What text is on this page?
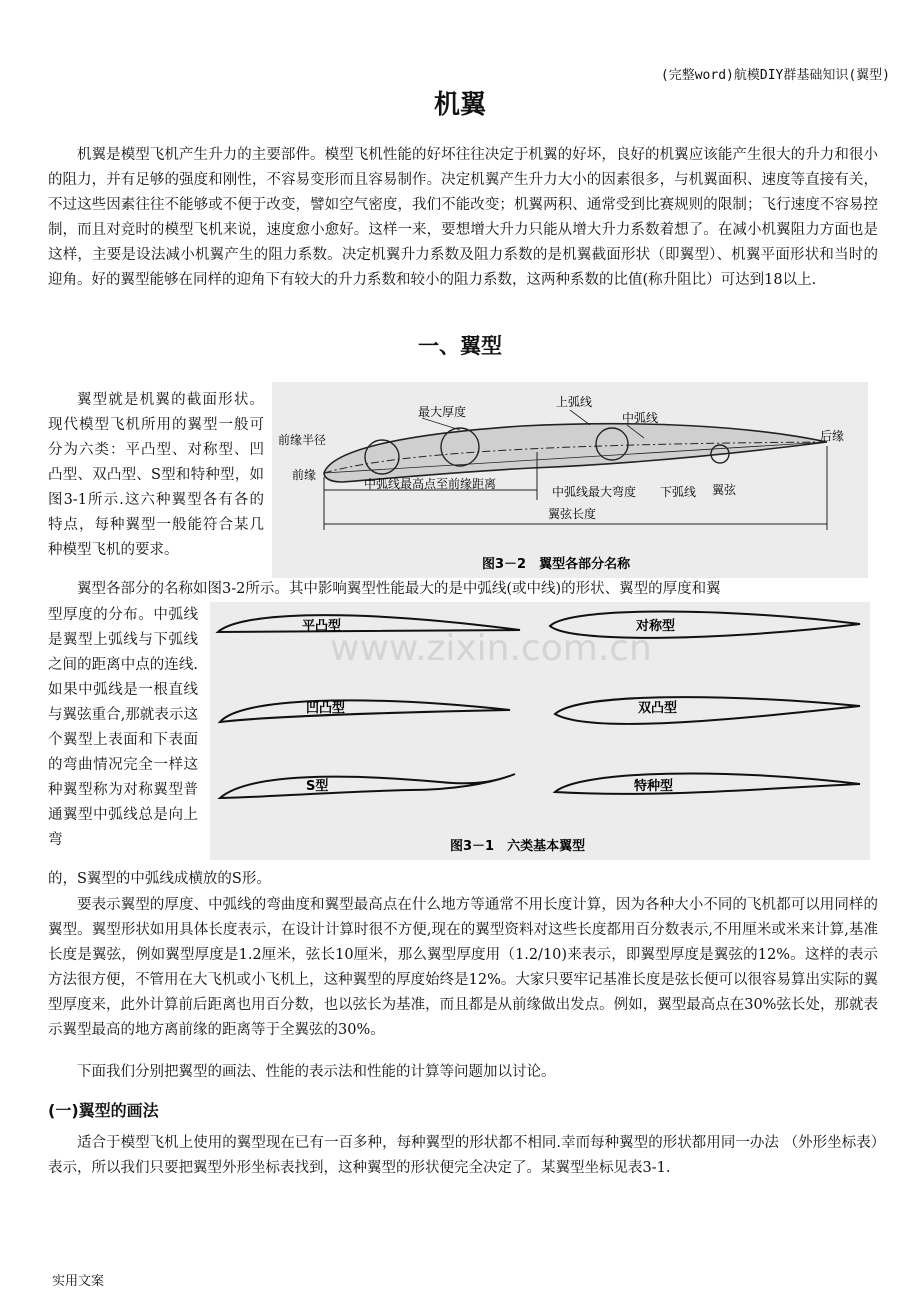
(完整word)航模DIY群基础知识(翼型)
机翼
机翼是模型飞机产生升力的主要部件。模型飞机性能的好坏往往决定于机翼的好坏，良好的机翼应该能产生很大的升力和很小的阻力，并有足够的强度和刚性，不容易变形而且容易制作。决定机翼产生升力大小的因素很多，与机翼面积、速度等直接有关，不过这些因素往往不能够或不便于改变，譬如空气密度，我们不能改变；机翼两积、通常受到比赛规则的限制；飞行速度不容易控制，而且对竞时的模型飞机来说，速度愈小愈好。这样一来，要想增大升力只能从增大升力系数着想了。在减小机翼阻力方面也是这样，主要是设法减小机翼产生的阻力系数。决定机翼升力系数及阻力系数的是机翼截面形状（即翼型）、机翼平面形状和当时的迎角。好的翼型能够在同样的迎角下有较大的升力系数和较小的阻力系数，这两种系数的比值(称升阻比）可达到18以上.
一、翼型
翼型就是机翼的截面形状。现代模型飞机所用的翼型一般可分为六类：平凸型、对称型、凹凸型、双凸型、S型和特种型，如图3-1所示.这六种翼型各有各的特点，每种翼型一般能符合某几种模型飞机的要求。
最大厚度
上弧线
中弧线
前缘半径	后缘
前缘
中弧线最高点至前缘距离
中弧线最大弯度 下弧线 翼弦
翼弦长度
图3－2　翼型各部分名称
翼型各部分的名称如图3-2所示。其中影响翼型性能最大的是中弧线(或中线)的形状、翼型的厚度和翼
型厚度的分布。中弧线是翼型上弧线与下弧线之间的距离中点的连线.如果中弧线是一根直线与翼弦重合,那就表示这个翼型上表面和下表面的弯曲情况完全一样这种翼型称为对称翼型普通翼型中弧线总是向上弯
的，S翼型的中弧线成横放的S形。
www.zixin.com.cn
平凸型	对称型
凹凸型	双凸型
S型	特种型
图3－1　六类基本翼型
要表示翼型的厚度、中弧线的弯曲度和翼型最高点在什么地方等通常不用长度计算，因为各种大小不同的飞机都可以用同样的翼型。翼型形状如用具体长度表示，在设计计算时很不方便,现在的翼型资料对这些长度都用百分数表示,不用厘米或米来计算,基准长度是翼弦，例如翼型厚度是1.2厘米，弦长10厘米，那么翼型厚度用（1.2/10)来表示，即翼型厚度是翼弦的12%。这样的表示方法很方便，不管用在大飞机或小飞机上，这种翼型的厚度始终是12%。大家只要牢记基准长度是弦长便可以很容易算出实际的翼型厚度来，此外计算前后距离也用百分数，也以弦长为基准，而且都是从前缘做出发点。例如，翼型最高点在30%弦长处，那就表示翼型最高的地方离前缘的距离等于全翼弦的30%。
下面我们分别把翼型的画法、性能的表示法和性能的计算等问题加以讨论。
(一)翼型的画法
适合于模型飞机上使用的翼型现在已有一百多种，每种翼型的形状都不相同.幸而每种翼型的形状都用同一办法 （外形坐标表）表示，所以我们只要把翼型外形坐标表找到，这种翼型的形状便完全决定了。某翼型坐标见表3-1.
实用文案
